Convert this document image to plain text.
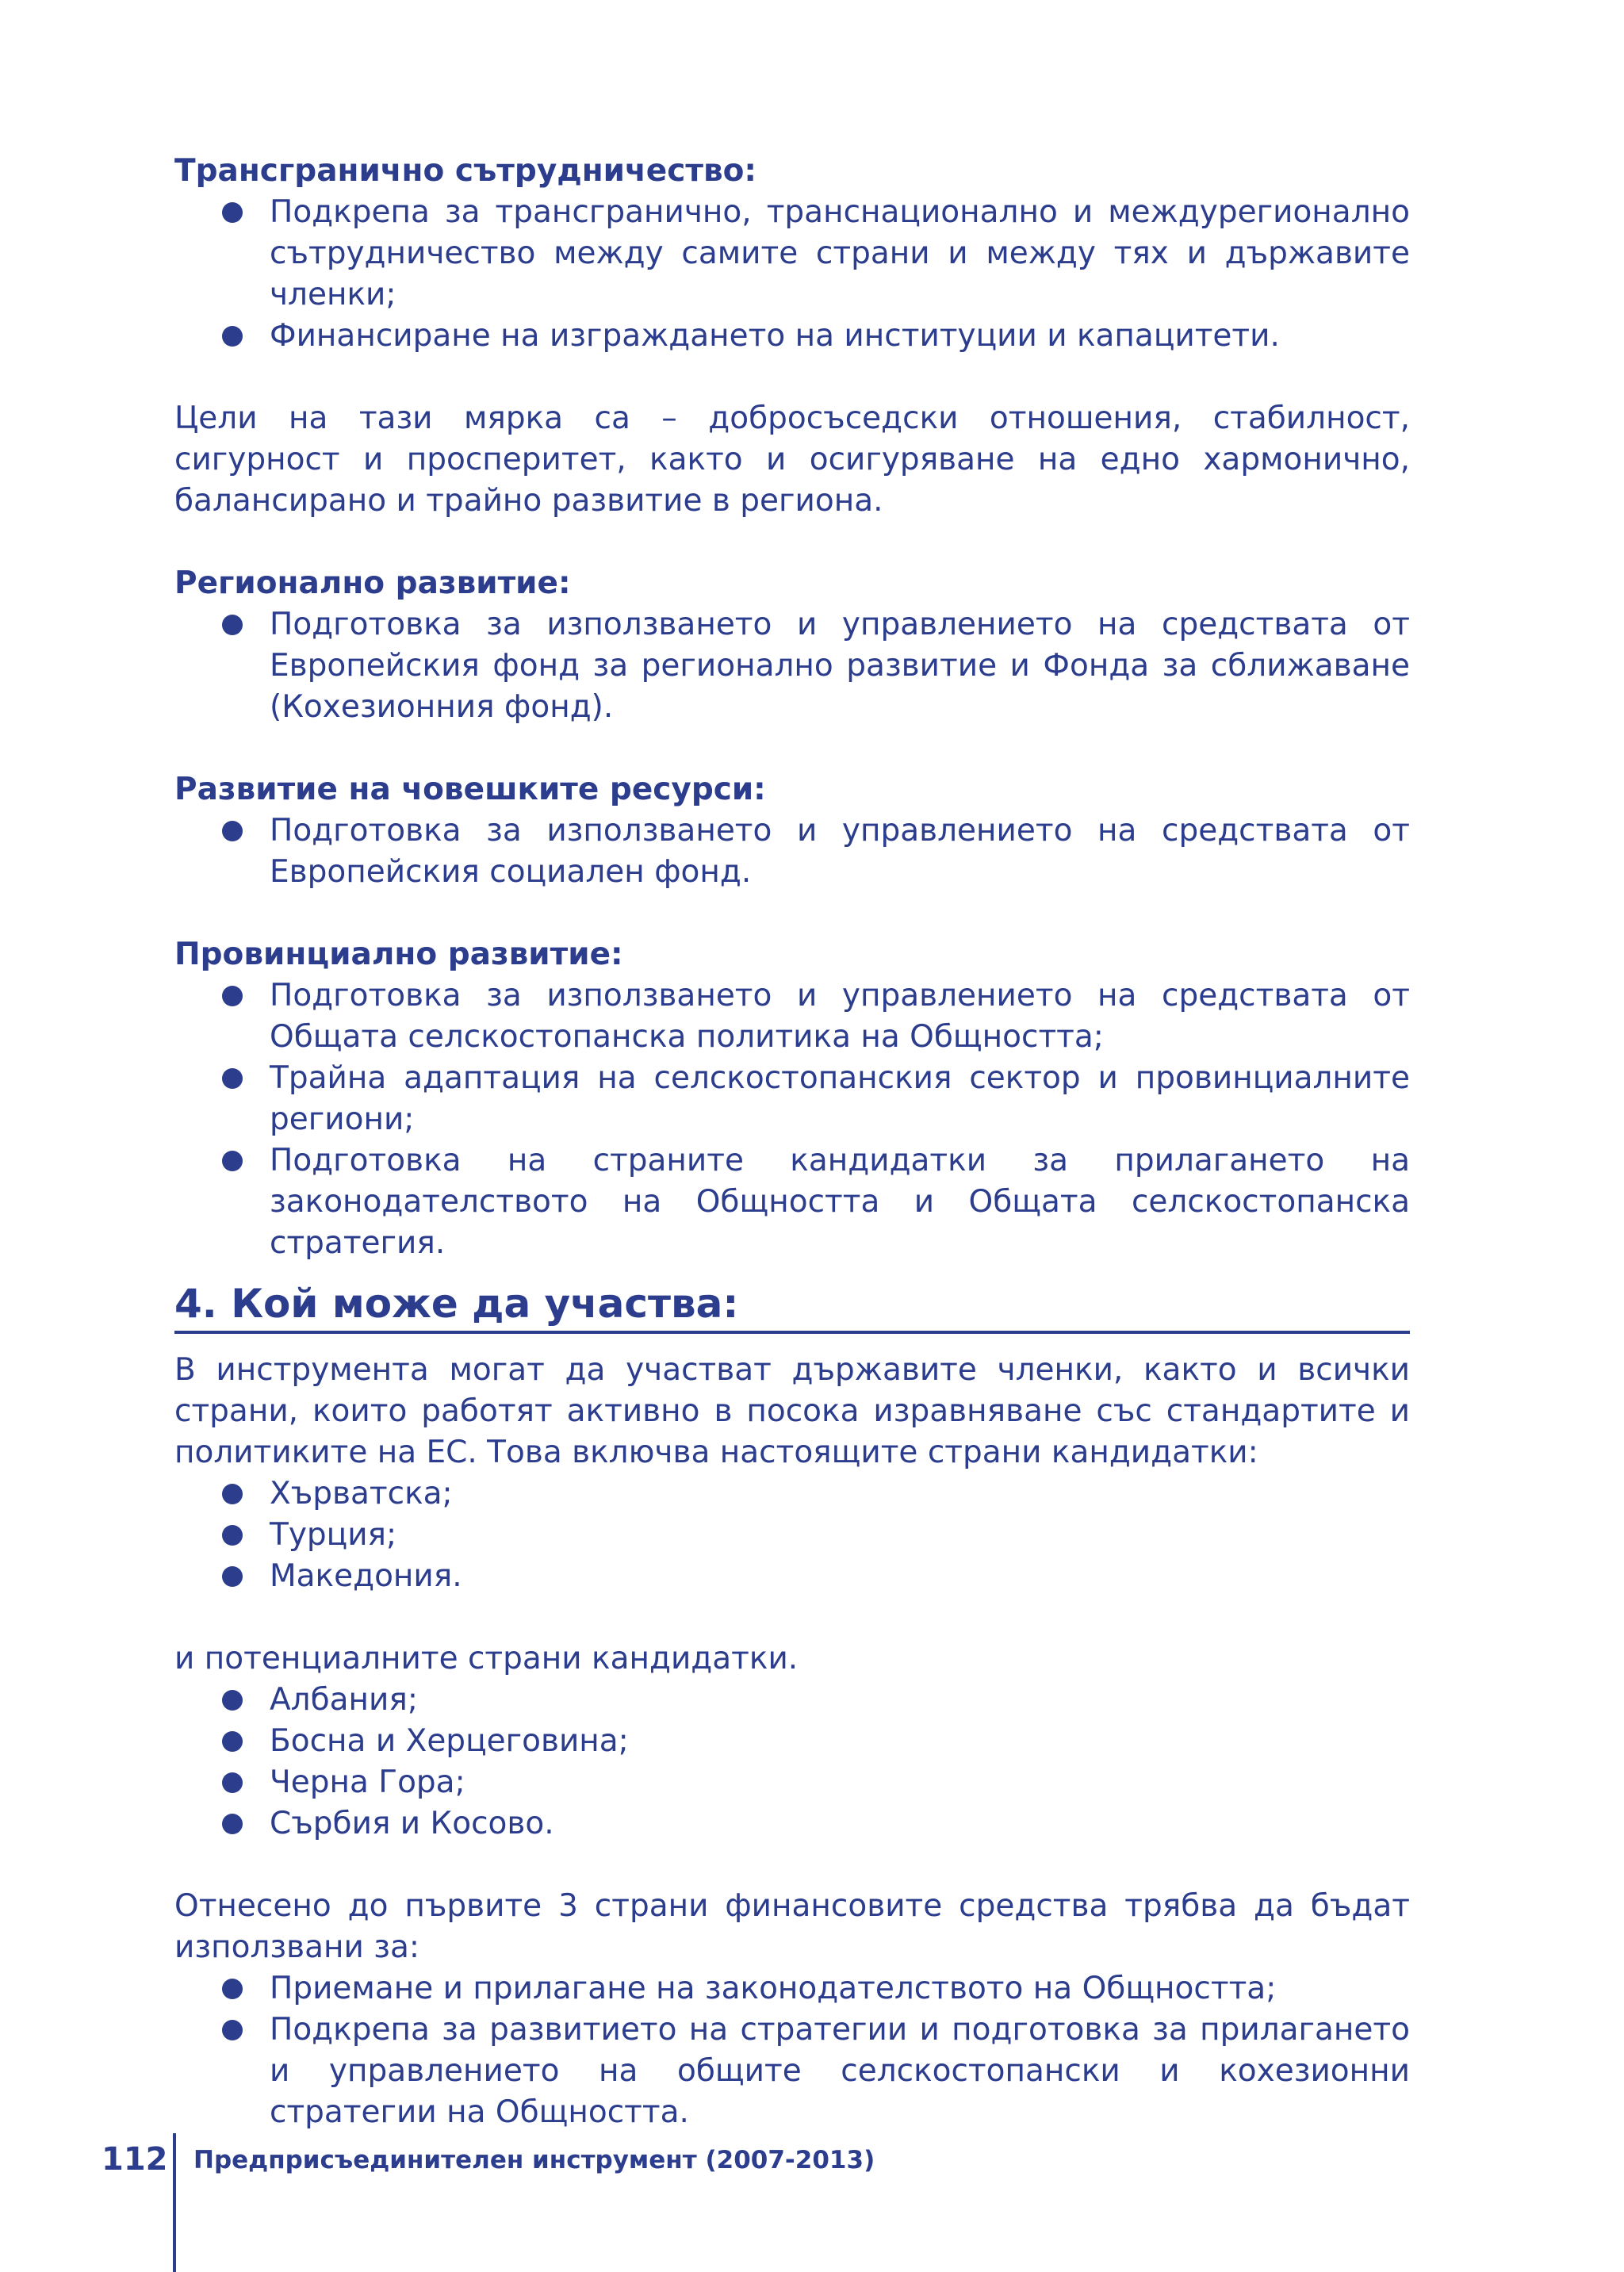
Трансгранично сътрудничество:
Подкрепа за трансгранично, транснационално и междурегионално сътрудничество между самите страни и между тях и държавите членки;
Финансиране на изграждането на институции и капацитети.

Цели на тази мярка са – добросъседски отношения, стабилност, сигурност и просперитет, както и осигуряване на едно хармонично, балансирано и трайно развитие в региона.

Регионално развитие:
Подготовка за използването и управлението на средствата от Европейския фонд за регионално развитие и Фонда за сближаване (Кохезионния фонд).
Развитие на човешките ресурси:
Подготовка за използването и управлението на средствата от Европейския социален фонд.
Провинциално развитие:
Подготовка за използването и управлението на средствата от Общата селскостопанска политика на Общността;
Трайна адаптация на селскостопанския сектор и провинциалните региони;
Подготовка на страните кандидатки за прилагането на законодателството на Общността и Общата селскостопанска стратегия.
4. Кой може да участва:

В инструмента могат да участват държавите членки, както и всички страни, които работят активно в посока изравняване със стандартите и политиките на ЕС. Това включва настоящите страни кандидатки:

Хърватска;
Турция;
Македония.

и потенциалните страни кандидатки.

Албания;
Босна и Херцеговина;
Черна Гора;
Сърбия и Косово.

Отнесено до първите 3 страни финансовите средства трябва да бъдат използвани за:

Приемане и прилагане на законодателството на Общността;
Подкрепа за развитието на стратегии и подготовка за прилагането и управлението на общите селскостопански и кохезионни стратегии на Общността.
112 Предприсъединителен инструмент (2007-2013)
